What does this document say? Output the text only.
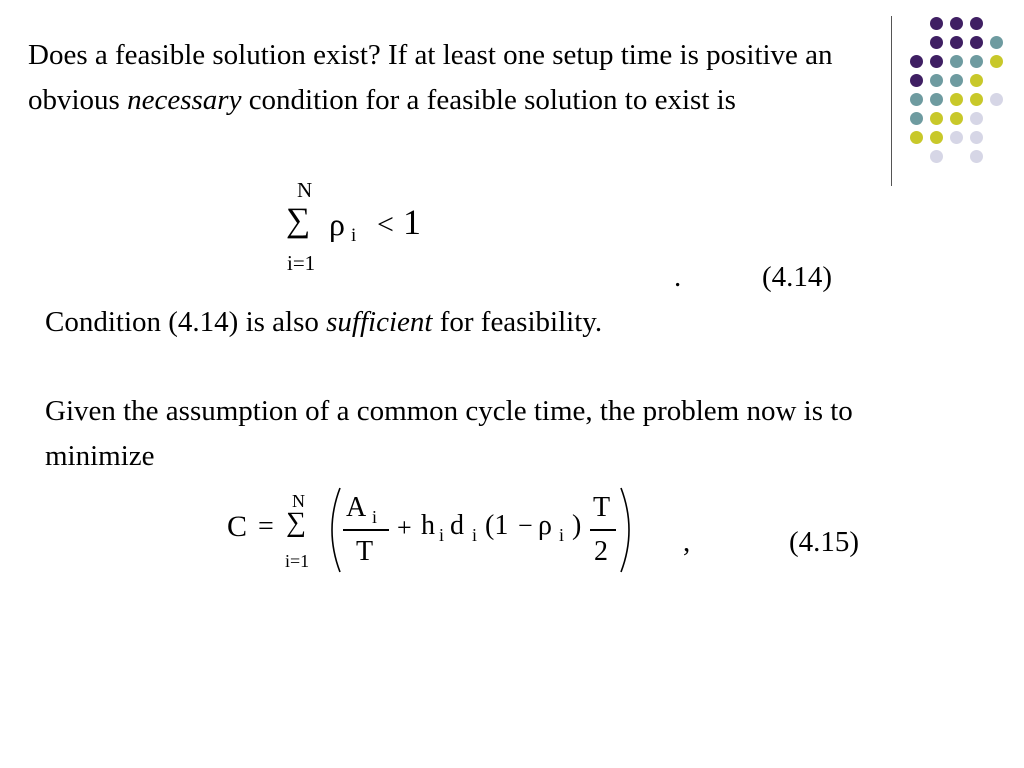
Does a feasible solution exist? If at least one setup time is positive an obvious necessary condition for a feasible solution to exist is

N
∑
i=1
ρ i < 1
.	(4.14)

Condition (4.14) is also sufficient for feasibility.

Given the assumption of a common cycle time, the problem now is to minimize

C =
N
∑
i=1
A i
T
+ h i d i (1 − ρ i )
T
2	,	(4.15)
